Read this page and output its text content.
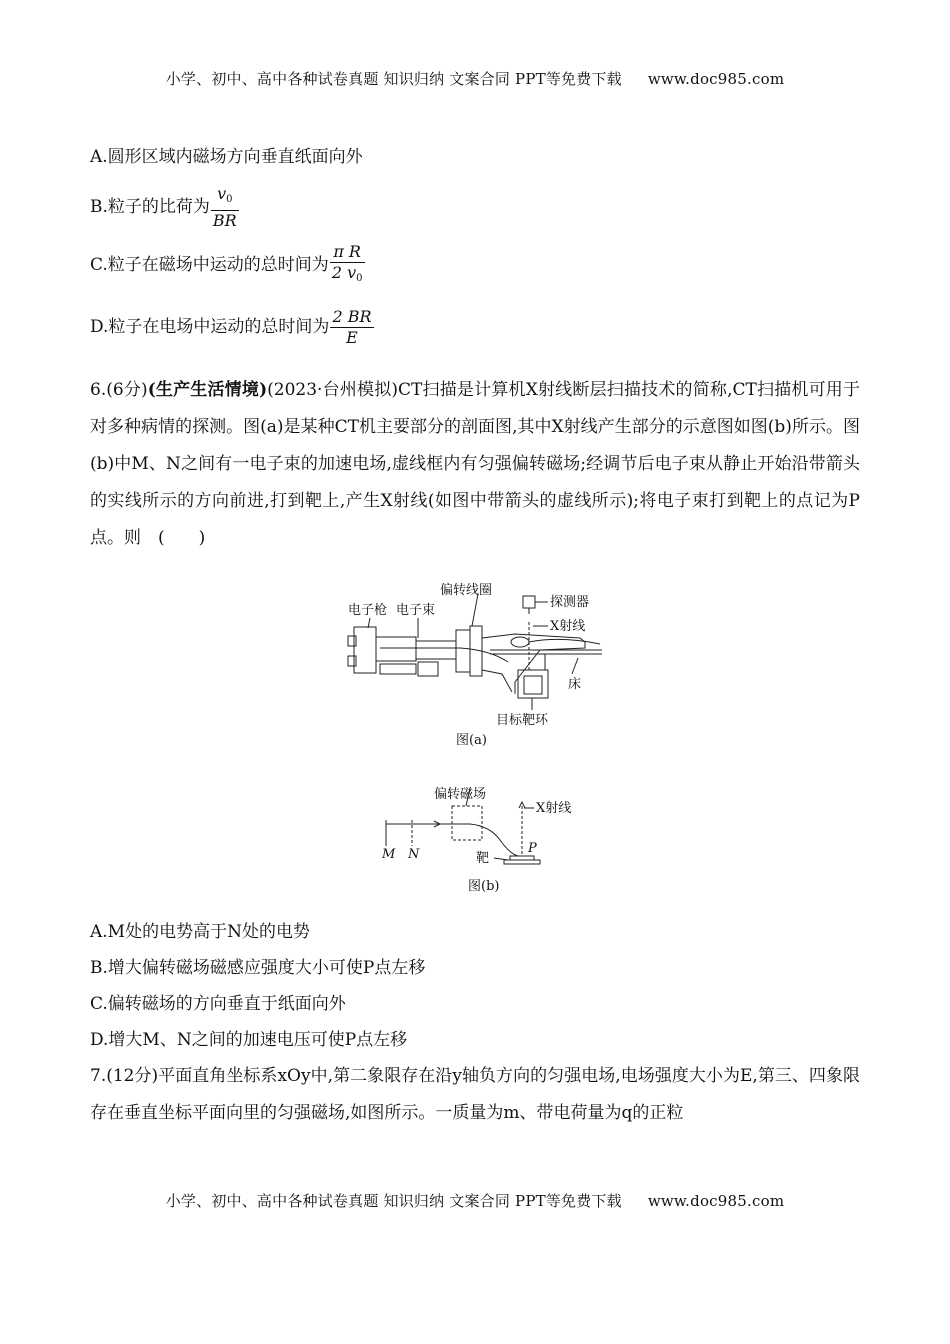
小学、初中、高中各种试卷真题 知识归纳 文案合同 PPT等免费下载 www.doc985.com
A.圆形区域内磁场方向垂直纸面向外
B.粒子的比荷为 $\frac{v_0}{BR}$
C.粒子在磁场中运动的总时间为 $\frac{\text{π R}}{2 v_0}$
D.粒子在电场中运动的总时间为 $\frac{2 BR}{E}$
6.(6分)(生产生活情境)(2023·台州模拟)CT扫描是计算机X射线断层扫描技术的简称,CT扫描机可用于对多种病情的探测。图(a)是某种CT机主要部分的剖面图,其中X射线产生部分的示意图如图(b)所示。图(b)中M、N之间有一电子束的加速电场,虚线框内有匀强偏转磁场;经调节后电子束从静止开始沿带箭头的实线所示的方向前进,打到靶上,产生X射线(如图中带箭头的虚线所示);将电子束打到靶上的点记为P点。则　(　　)
偏转线圈
电子枪 电子束
探测器
X射线
床
目标靶环
图(a)
偏转磁场
X射线
M N	靶
P
图(b)
A.M处的电势高于N处的电势
B.增大偏转磁场磁感应强度大小可使P点左移
C.偏转磁场的方向垂直于纸面向外
D.增大M、N之间的加速电压可使P点左移
7.(12分)平面直角坐标系xOy中,第二象限存在沿y轴负方向的匀强电场,电场强度大小为E,第三、四象限存在垂直坐标平面向里的匀强磁场,如图所示。一质量为m、带电荷量为q的正粒
小学、初中、高中各种试卷真题 知识归纳 文案合同 PPT等免费下载 www.doc985.com
